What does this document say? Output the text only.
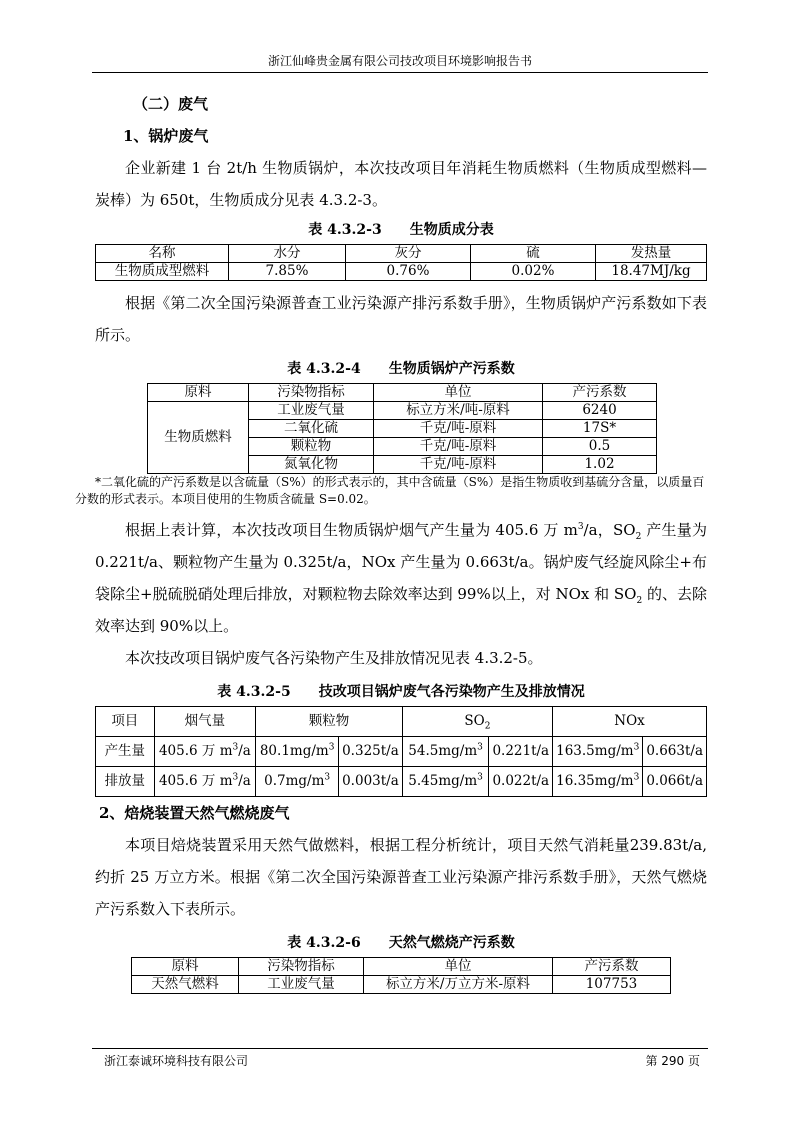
浙江仙峰贵金属有限公司技改项目环境影响报告书
（二）废气
1、锅炉废气
企业新建 1 台 2t/h 生物质锅炉，本次技改项目年消耗生物质燃料（生物质成型燃料—炭棒）为 650t，生物质成分见表 4.3.2-3。
表 4.3.2-3 生物质成分表
名称	水分	灰分	硫	发热量
生物质成型燃料	7.85%	0.76%	0.02%	18.47MJ/kg
根据《第二次全国污染源普查工业污染源产排污系数手册》，生物质锅炉产污系数如下表所示。
表 4.3.2-4 生物质锅炉产污系数
原料	污染物指标	单位	产污系数
生物质燃料	工业废气量	标立方米/吨-原料	6240
	二氧化硫	千克/吨-原料	17S*
	颗粒物	千克/吨-原料	0.5
	氮氧化物	千克/吨-原料	1.02
*二氧化硫的产污系数是以含硫量（S%）的形式表示的，其中含硫量（S%）是指生物质收到基硫分含量，以质量百分数的形式表示。本项目使用的生物质含硫量 S=0.02。
根据上表计算，本次技改项目生物质锅炉烟气产生量为 405.6 万 $m^3/a$，$SO_2$ 产生量为 0.221t/a、颗粒物产生量为 0.325t/a，NOx 产生量为 0.663t/a。锅炉废气经旋风除尘+布袋除尘+脱硫脱硝处理后排放，对颗粒物去除效率达到 99%以上，对 NOx 和 $SO_2$ 的、去除效率达到 90%以上。
本次技改项目锅炉废气各污染物产生及排放情况见表 4.3.2-5。
表 4.3.2-5 技改项目锅炉废气各污染物产生及排放情况
项目	烟气量	颗粒物		$SO_2$		NOx	
产生量	405.6 万 $m^3/a$	$80.1mg/m^3$	0.325t/a	$54.5mg/m^3$	0.221t/a	$163.5mg/m^3$	0.663t/a
排放量	405.6 万 $m^3/a$	$0.7mg/m^3$	0.003t/a	$5.45mg/m^3$	0.022t/a	$16.35mg/m^3$	0.066t/a
2、焙烧装置天然气燃烧废气
本项目焙烧装置采用天然气做燃料，根据工程分析统计，项目天然气消耗量239.83t/a,约折 25 万立方米。根据《第二次全国污染源普查工业污染源产排污系数手册》，天然气燃烧产污系数入下表所示。
表 4.3.2-6 天然气燃烧产污系数
原料	污染物指标	单位	产污系数
天然气燃料	工业废气量	标立方米/万立方米-原料	107753
浙江泰诚环境科技有限公司	第 290 页
